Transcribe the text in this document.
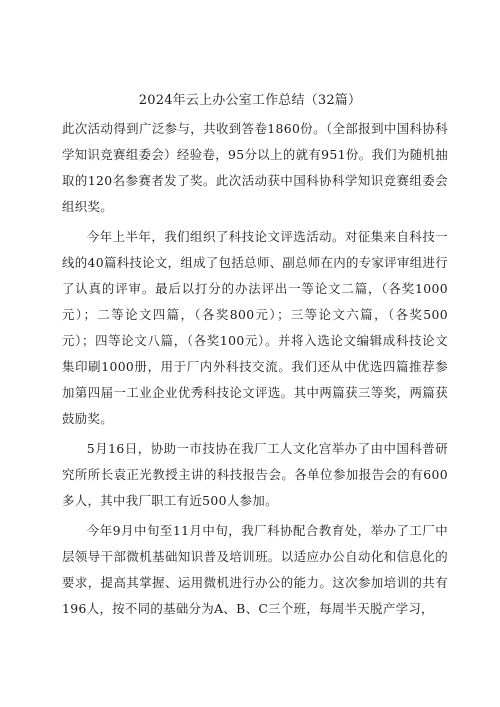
2024年云上办公室工作总结（32篇）

此次活动得到广泛参与，共收到答卷1860份。（全部报到中国科协科学知识竞赛组委会）经验卷，95分以上的就有951份。我们为随机抽取的120名参赛者发了奖。此次活动获中国科协科学知识竞赛组委会组织奖。

今年上半年，我们组织了科技论文评选活动。对征集来自科技一线的40篇科技论文，组成了包括总师、副总师在内的专家评审组进行了认真的评审。最后以打分的办法评出一等论文二篇，（各奖1000元）；二等论文四篇，（各奖800元）；三等论文六篇，（各奖500元）；四等论文八篇，（各奖100元）。并将入选论文编辑成科技论文集印刷1000册，用于厂内外科技交流。我们还从中优选四篇推荐参加第四届一工业企业优秀科技论文评选。其中两篇获三等奖，两篇获鼓励奖。

5月16日，协助一市技协在我厂工人文化宫举办了由中国科普研究所所长袁正光教授主讲的科技报告会。各单位参加报告会的有600多人，其中我厂职工有近500人参加。

今年9月中旬至11月中旬，我厂科协配合教育处，举办了工厂中层领导干部微机基础知识普及培训班。以适应办公自动化和信息化的要求，提高其掌握、运用微机进行办公的能力。这次参加培训的共有196人，按不同的基础分为A、B、C三个班，每周半天脱产学习，
